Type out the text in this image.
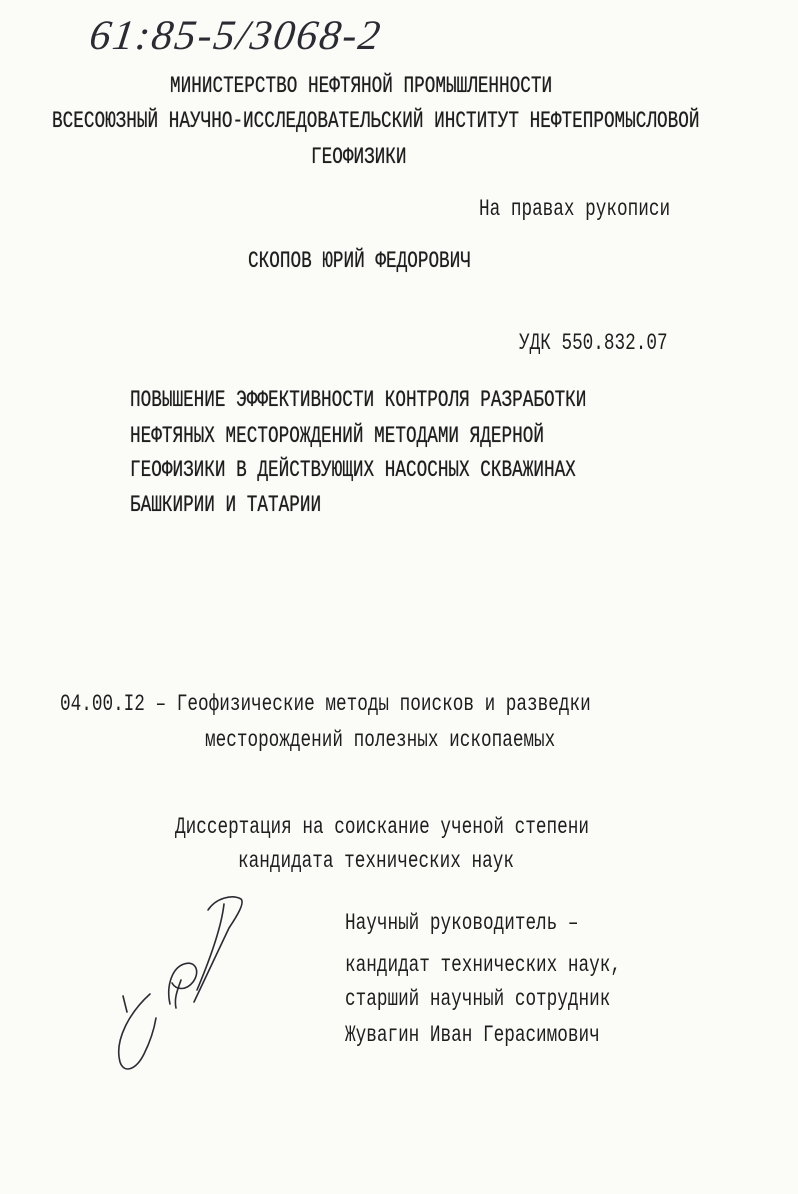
61:85-5/3068-2
МИНИСТЕРСТВО НЕФТЯНОЙ ПРОМЫШЛЕННОСТИ
ВСЕСОЮЗНЫЙ НАУЧНО-ИССЛЕДОВАТЕЛЬСКИЙ ИНСТИТУТ НЕФТЕПРОМЫСЛОВОЙ
ГЕОФИЗИКИ
На правах рукописи
СКОПОВ ЮРИЙ ФЕДОРОВИЧ
УДК 550.832.07
ПОВЫШЕНИЕ ЭФФЕКТИВНОСТИ КОНТРОЛЯ РАЗРАБОТКИ
НЕФТЯНЫХ МЕСТОРОЖДЕНИЙ МЕТОДАМИ ЯДЕРНОЙ
ГЕОФИЗИКИ В ДЕЙСТВУЮЩИХ НАСОСНЫХ СКВАЖИНАХ
БАШКИРИИ И ТАТАРИИ
04.00.I2 – Геофизические методы поисков и разведки
месторождений полезных ископаемых
Диссертация на соискание ученой степени
кандидата технических наук
Научный руководитель –
кандидат технических наук,
старший научный сотрудник
Жувагин Иван Герасимович
